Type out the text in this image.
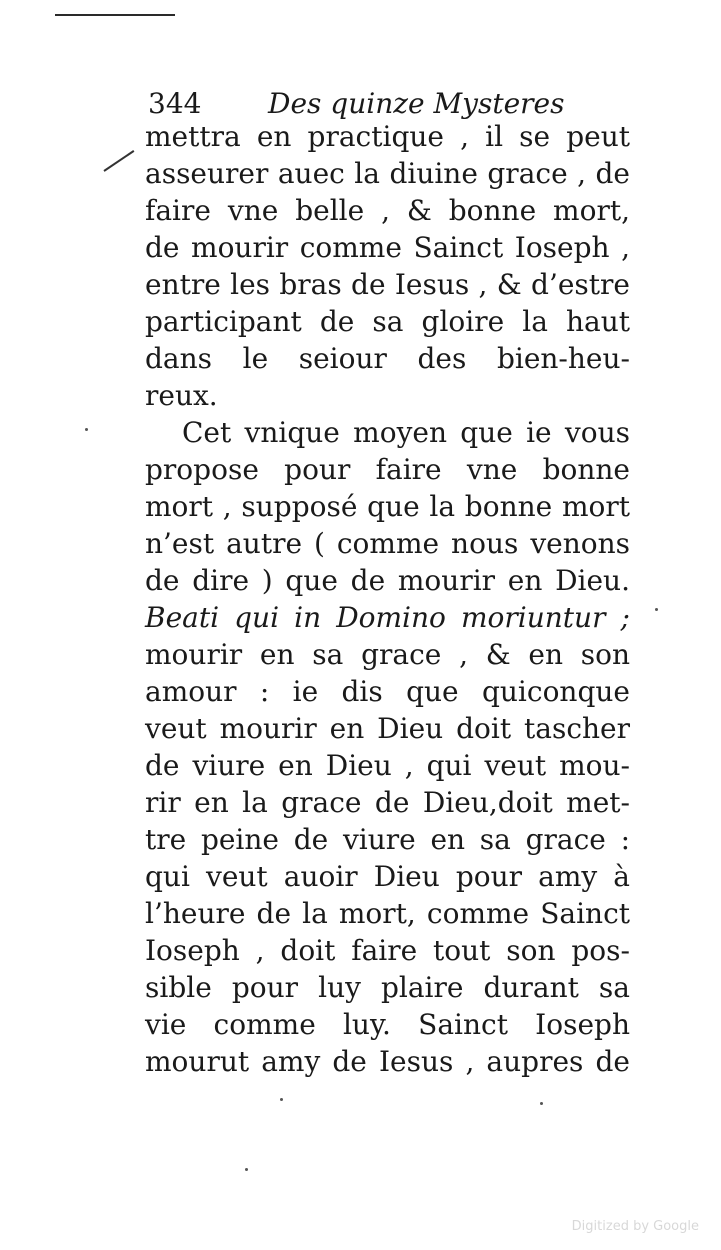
344 Des quinze Mysteres
mettra en practique , il se peut
asseurer auec la diuine grace , de
faire vne belle , & bonne mort,
de mourir comme Sainct Ioseph ,
entre les bras de Iesus , & d’estre
participant de sa gloire la haut
dans le seiour des bien-heu-
reux.
Cet vnique moyen que ie vous
propose pour faire vne bonne
mort , supposé que la bonne mort
n’est autre ( comme nous venons
de dire ) que de mourir en Dieu.
Beati qui in Domino moriuntur ;
mourir en sa grace , & en son
amour : ie dis que quiconque
veut mourir en Dieu doit tascher
de viure en Dieu , qui veut mou-
rir en la grace de Dieu,doit met-
tre peine de viure en sa grace :
qui veut auoir Dieu pour amy à
l’heure de la mort, comme Sainct
Ioseph , doit faire tout son pos-
sible pour luy plaire durant sa
vie comme luy. Sainct Ioseph
mourut amy de Iesus , aupres de
Digitized by Google
